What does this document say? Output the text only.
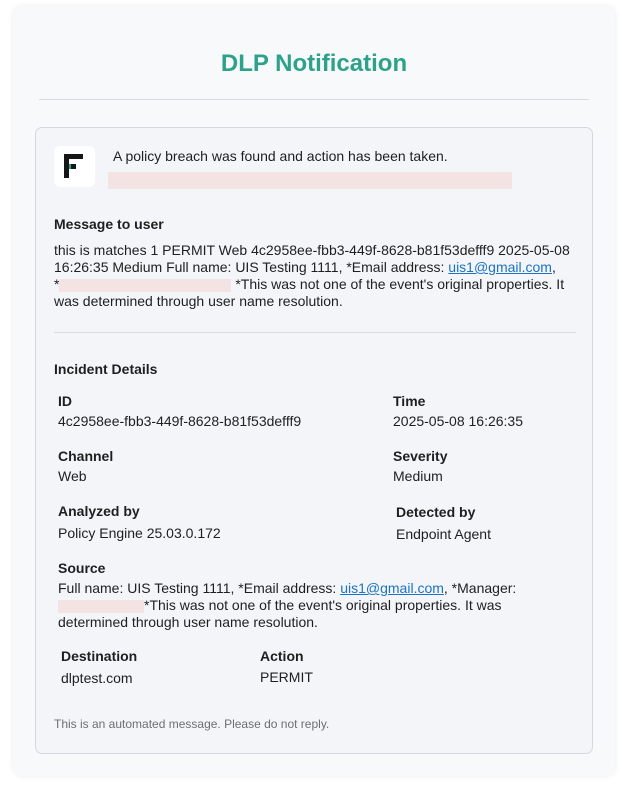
DLP Notification
A policy breach was found and action has been taken.
Message to user
this is matches 1 PERMIT Web 4c2958ee-fbb3-449f-8628-b81f53defff9 2025-05-08
16:26:35 Medium Full name: UIS Testing 1111, *Email address: uis1@gmail.com,
*	*This was not one of the event's original properties. It
was determined through user name resolution.
Incident Details
ID
4c2958ee-fbb3-449f-8628-b81f53defff9
Time
2025-05-08 16:26:35
Channel
Web
Severity
Medium
Analyzed by
Policy Engine 25.03.0.172
Detected by
Endpoint Agent
Source
Full name: UIS Testing 1111, *Email address: uis1@gmail.com, *Manager:
*This was not one of the event's original properties. It was
determined through user name resolution.
Destination
dlptest.com
Action
PERMIT
This is an automated message. Please do not reply.
